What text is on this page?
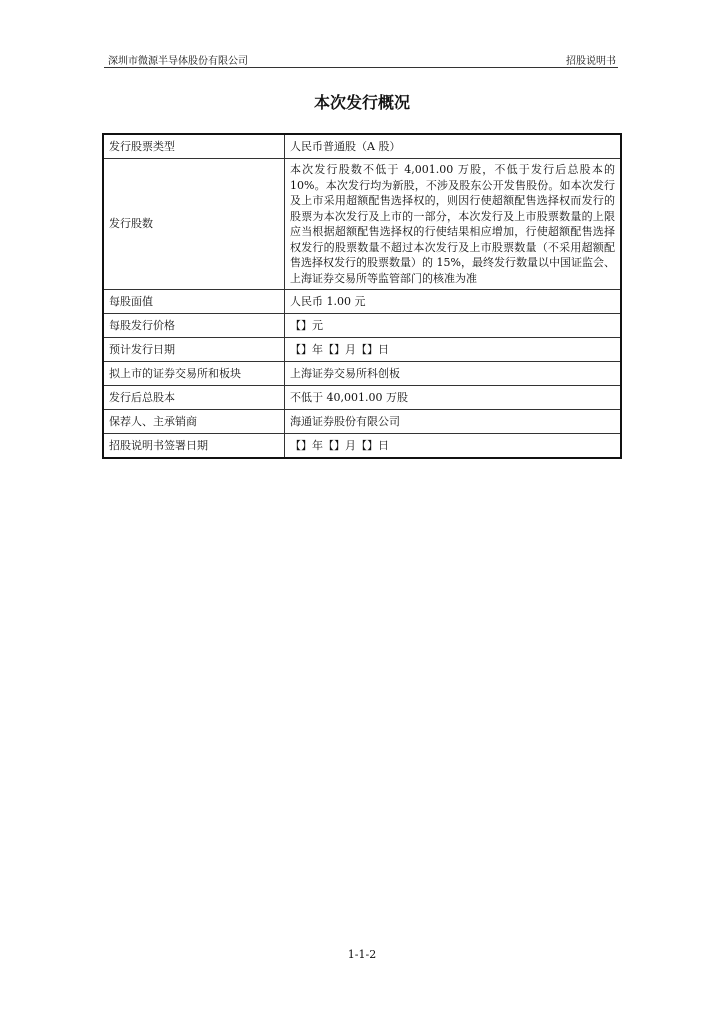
深圳市微源半导体股份有限公司	招股说明书
本次发行概况
发行股票类型	人民币普通股（A 股）
发行股数	本次发行股数不低于 4,001.00 万股，不低于发行后总股本的 10%。本次发行均为新股，不涉及股东公开发售股份。如本次发行及上市采用超额配售选择权的，则因行使超额配售选择权而发行的股票为本次发行及上市的一部分，本次发行及上市股票数量的上限应当根据超额配售选择权的行使结果相应增加，行使超额配售选择权发行的股票数量不超过本次发行及上市股票数量（不采用超额配售选择权发行的股票数量）的 15%，最终发行数量以中国证监会、上海证券交易所等监管部门的核准为准
每股面值	人民币 1.00 元
每股发行价格	【】元
预计发行日期	【】年【】月【】日
拟上市的证券交易所和板块	上海证券交易所科创板
发行后总股本	不低于 40,001.00 万股
保荐人、主承销商	海通证券股份有限公司
招股说明书签署日期	【】年【】月【】日
1-1-2
